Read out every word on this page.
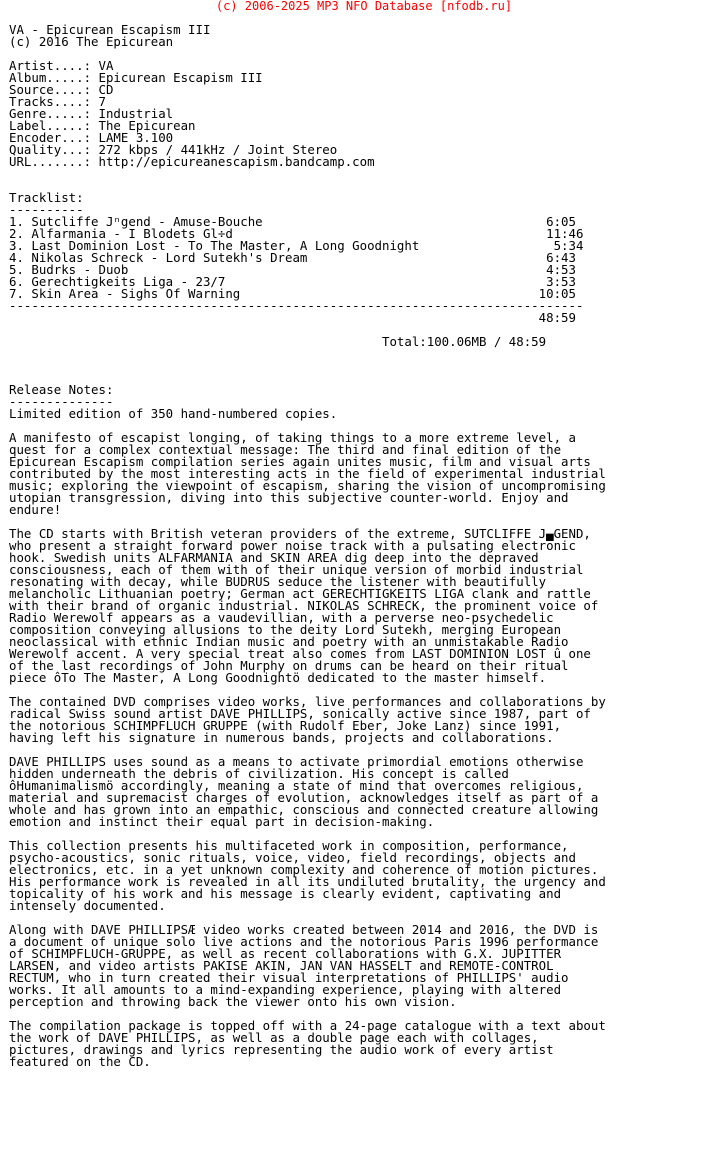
(c) 2006-2025 MP3 NFO Database [nfodb.ru]
VA - Epicurean Escapism III
(c) 2016 The Epicurean
Artist....: VA
Album.....: Epicurean Escapism III
Source....: CD
Tracks....: 7
Genre.....: Industrial
Label.....: The Epicurean
Encoder...: LAME 3.100
Quality...: 272 kbps / 441kHz / Joint Stereo
URL.......: http://epicureanescapism.bandcamp.com
Tracklist:
----------
1. Sutcliffe Jⁿgend - Amuse-Bouche                                      6:05
2. Alfarmania - I Blodets Gl÷d                                          11:46
3. Last Dominion Lost - To The Master, A Long Goodnight                  5:34
4. Nikolas Schreck - Lord Sutekh's Dream                                6:43
5. Budrks - Duob                                                        4:53
6. Gerechtigkeits Liga - 23/7                                           3:53
7. Skin Area - Sighs Of Warning                                        10:05
-----------------------------------------------------------------------------
48:59
Total:100.06MB / 48:59
Release Notes:
--------------
Limited edition of 350 hand-numbered copies.
A manifesto of escapist longing, of taking things to a more extreme level, a
quest for a complex contextual message: The third and final edition of the
Epicurean Escapism compilation series again unites music, film and visual arts
contributed by the most interesting acts in the field of experimental industrial
music; exploring the viewpoint of escapism, sharing the vision of uncompromising
utopian transgression, diving into this subjective counter-world. Enjoy and
endure!
The CD starts with British veteran providers of the extreme, SUTCLIFFE J▄GEND,
who present a straight forward power noise track with a pulsating electronic
hook. Swedish units ALFARMANIA and SKIN AREA dig deep into the depraved
consciousness, each of them with of their unique version of morbid industrial
resonating with decay, while BUDRUS seduce the listener with beautifully
melancholic Lithuanian poetry; German act GERECHTIGKEITS LIGA clank and rattle
with their brand of organic industrial. NIKOLAS SCHRECK, the prominent voice of
Radio Werewolf appears as a vaudevillian, with a perverse neo-psychedelic
composition conveying allusions to the deity Lord Sutekh, merging European
neoclassical with ethnic Indian music and poetry with an unmistakable Radio
Werewolf accent. A very special treat also comes from LAST DOMINION LOST û one
of the last recordings of John Murphy on drums can be heard on their ritual
piece ôTo The Master, A Long Goodnightö dedicated to the master himself.
The contained DVD comprises video works, live performances and collaborations by
radical Swiss sound artist DAVE PHILLIPS, sonically active since 1987, part of
the notorious SCHIMPFLUCH GRUPPE (with Rudolf Eber, Joke Lanz) since 1991,
having left his signature in numerous bands, projects and collaborations.
DAVE PHILLIPS uses sound as a means to activate primordial emotions otherwise
hidden underneath the debris of civilization. His concept is called
ôHumanimalismö accordingly, meaning a state of mind that overcomes religious,
material and supremacist charges of evolution, acknowledges itself as part of a
whole and has grown into an empathic, conscious and connected creature allowing
emotion and instinct their equal part in decision-making.
This collection presents his multifaceted work in composition, performance,
psycho-acoustics, sonic rituals, voice, video, field recordings, objects and
electronics, etc. in a yet unknown complexity and coherence of motion pictures.
His performance work is revealed in all its undiluted brutality, the urgency and
topicality of his work and his message is clearly evident, captivating and
intensely documented.
Along with DAVE PHILLIPSÆ video works created between 2014 and 2016, the DVD is
a document of unique solo live actions and the notorious Paris 1996 performance
of SCHIMPFLUCH-GRUPPE, as well as recent collaborations with G.X. JUPITTER
LARSEN, and video artists PAKISE AKIN, JAN VAN HASSELT and REMOTE-CONTROL
RECTUM, who in turn created their visual interpretations of PHILLIPS' audio
works. It all amounts to a mind-expanding experience, playing with altered
perception and throwing back the viewer onto his own vision.
The compilation package is topped off with a 24-page catalogue with a text about
the work of DAVE PHILLIPS, as well as a double page each with collages,
pictures, drawings and lyrics representing the audio work of every artist
featured on the CD.
